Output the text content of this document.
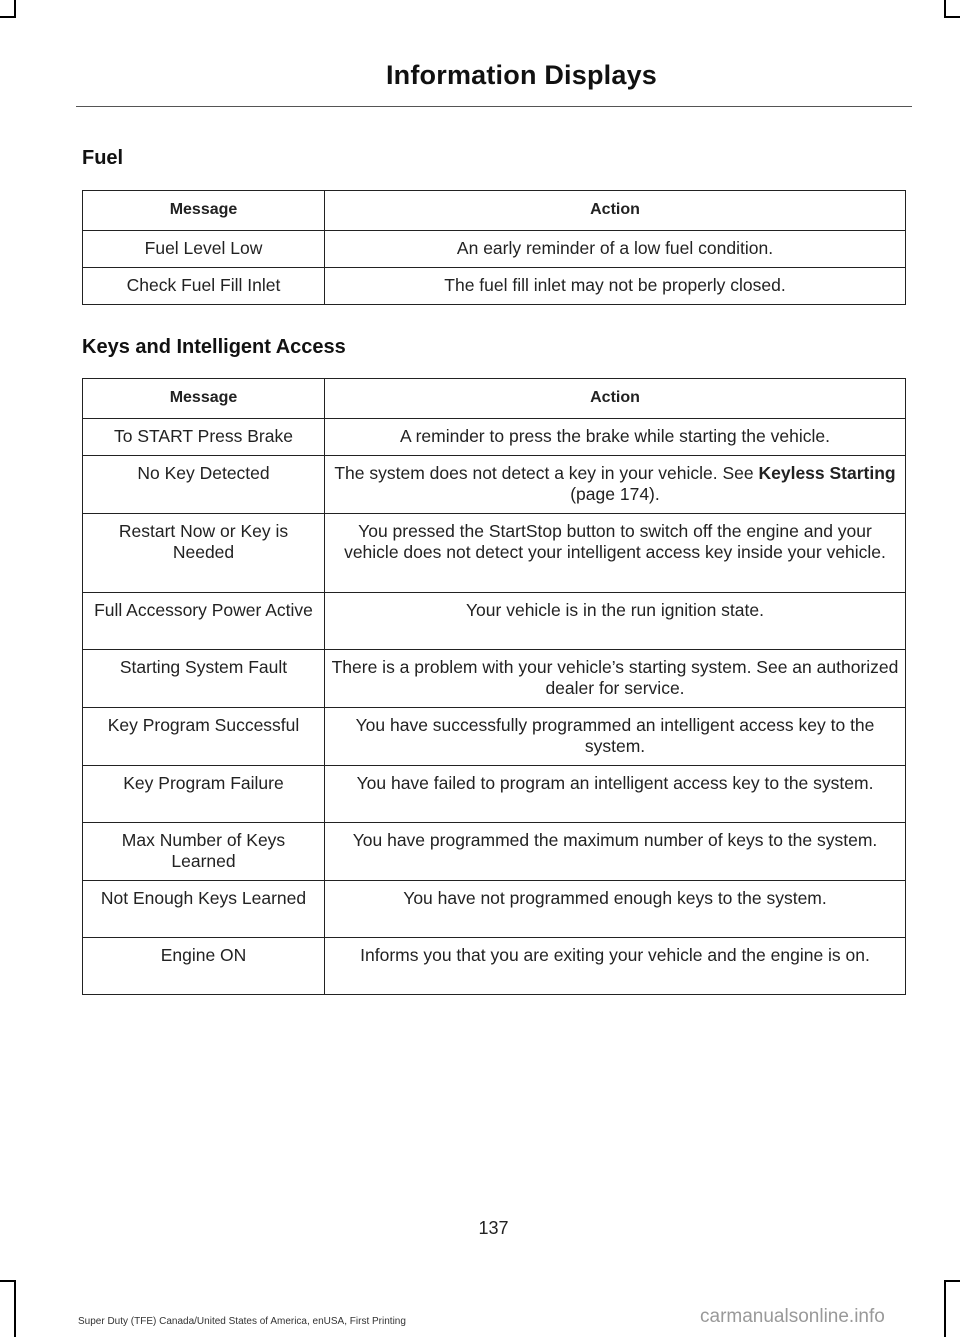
Information Displays
Fuel
Message	Action
Fuel Level Low	An early reminder of a low fuel condition.
Check Fuel Fill Inlet	The fuel fill inlet may not be properly closed.
Keys and Intelligent Access
Message	Action
To START Press Brake	A reminder to press the brake while starting the vehicle.
No Key Detected	The system does not detect a key in your vehicle. See Keyless Starting (page 174).
Restart Now or Key is Needed	You pressed the StartStop button to switch off the engine and your vehicle does not detect your intelligent access key inside your vehicle.
Full Accessory Power Active	Your vehicle is in the run ignition state.
Starting System Fault	There is a problem with your vehicle’s starting system. See an authorized dealer for service.
Key Program Successful	You have successfully programmed an intelligent access key to the system.
Key Program Failure	You have failed to program an intelligent access key to the system.
Max Number of Keys Learned	You have programmed the maximum number of keys to the system.
Not Enough Keys Learned	You have not programmed enough keys to the system.
Engine ON	Informs you that you are exiting your vehicle and the engine is on.
137
Super Duty (TFE) Canada/United States of America, enUSA, First Printing	carmanualsonline.info
